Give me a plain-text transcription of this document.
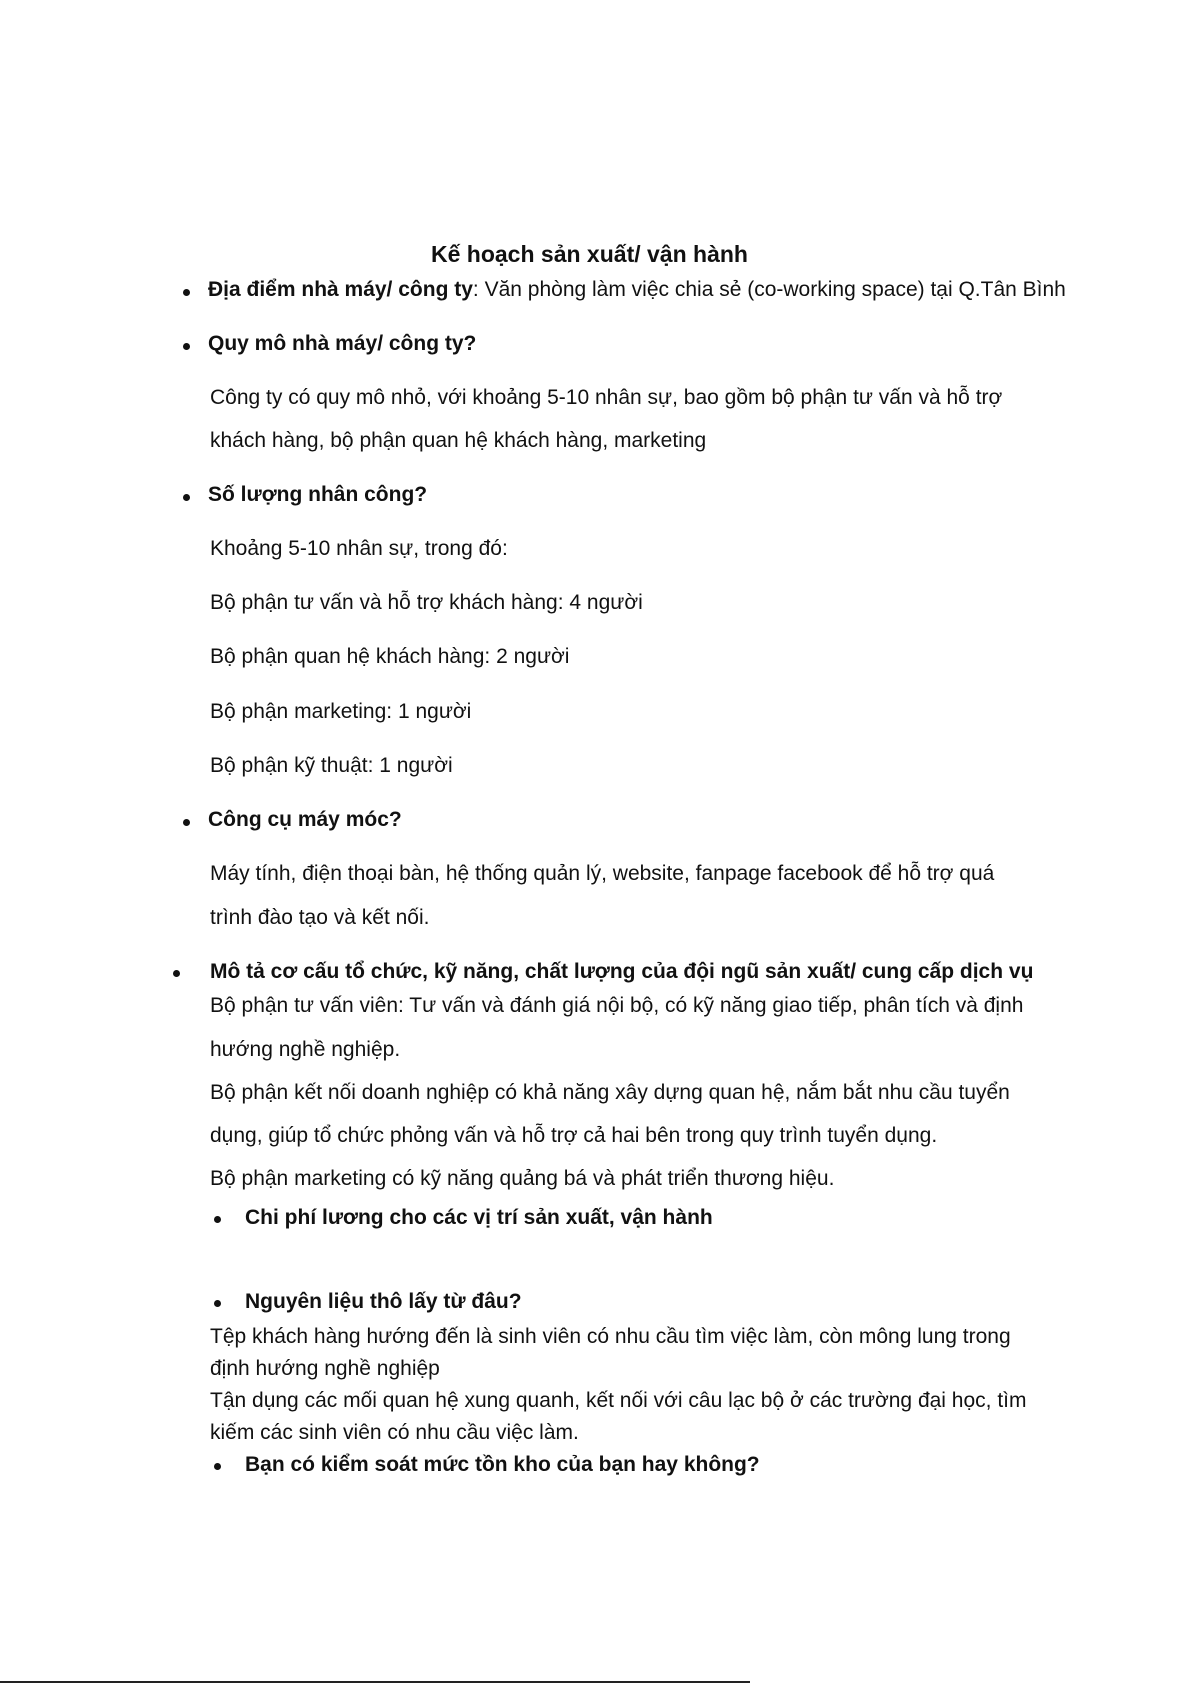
Kế hoạch sản xuất/ vận hành
Địa điểm nhà máy/ công ty: Văn phòng làm việc chia sẻ (co-working space) tại Q.Tân Bình
Quy mô nhà máy/ công ty?
Công ty có quy mô nhỏ, với khoảng 5-10 nhân sự, bao gồm bộ phận tư vấn và hỗ trợ
khách hàng, bộ phận quan hệ khách hàng, marketing
Số lượng nhân công?
Khoảng 5-10 nhân sự, trong đó:
Bộ phận tư vấn và hỗ trợ khách hàng: 4 người
Bộ phận quan hệ khách hàng: 2 người
Bộ phận marketing: 1 người
Bộ phận kỹ thuật: 1 người
Công cụ máy móc?
Máy tính, điện thoại bàn, hệ thống quản lý, website, fanpage facebook để hỗ trợ quá
trình đào tạo và kết nối.
Mô tả cơ cấu tổ chức, kỹ năng, chất lượng của đội ngũ sản xuất/ cung cấp dịch vụ
Bộ phận tư vấn viên: Tư vấn và đánh giá nội bộ, có kỹ năng giao tiếp, phân tích và định
hướng nghề nghiệp.
Bộ phận kết nối doanh nghiệp có khả năng xây dựng quan hệ, nắm bắt nhu cầu tuyển
dụng, giúp tổ chức phỏng vấn và hỗ trợ cả hai bên trong quy trình tuyển dụng.
Bộ phận marketing có kỹ năng quảng bá và phát triển thương hiệu.
Chi phí lương cho các vị trí sản xuất, vận hành
Nguyên liệu thô lấy từ đâu?
Tệp khách hàng hướng đến là sinh viên có nhu cầu tìm việc làm, còn mông lung trong
định hướng nghề nghiệp
Tận dụng các mối quan hệ xung quanh, kết nối với câu lạc bộ ở các trường đại học, tìm
kiếm các sinh viên có nhu cầu việc làm.
Bạn có kiểm soát mức tồn kho của bạn hay không?
